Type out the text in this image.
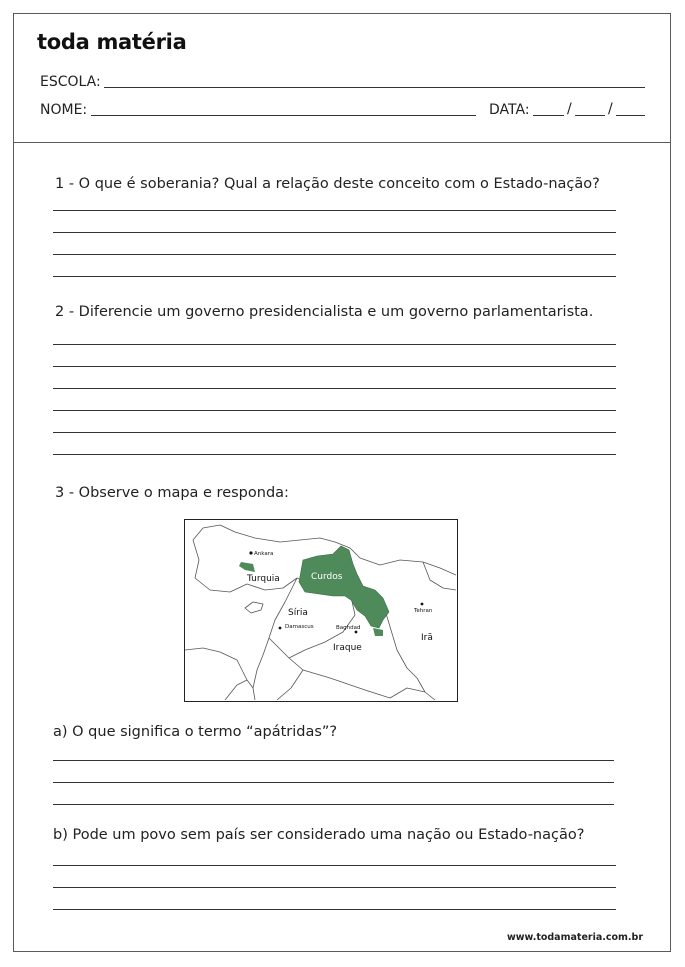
toda matéria
ESCOLA:
NOME:	DATA:	/	/
1 - O que é soberania? Qual a relação deste conceito com o Estado-nação?
2 - Diferencie um governo presidencialista e um governo parlamentarista.
3 - Observe o mapa e responda:
Ankara
Turquia	Curdos
Tehran
Síria
Damascus	Baghdad
Irã
Iraque
a) O que significa o termo “apátridas”?
b) Pode um povo sem país ser considerado uma nação ou Estado-nação?
www.todamateria.com.br
